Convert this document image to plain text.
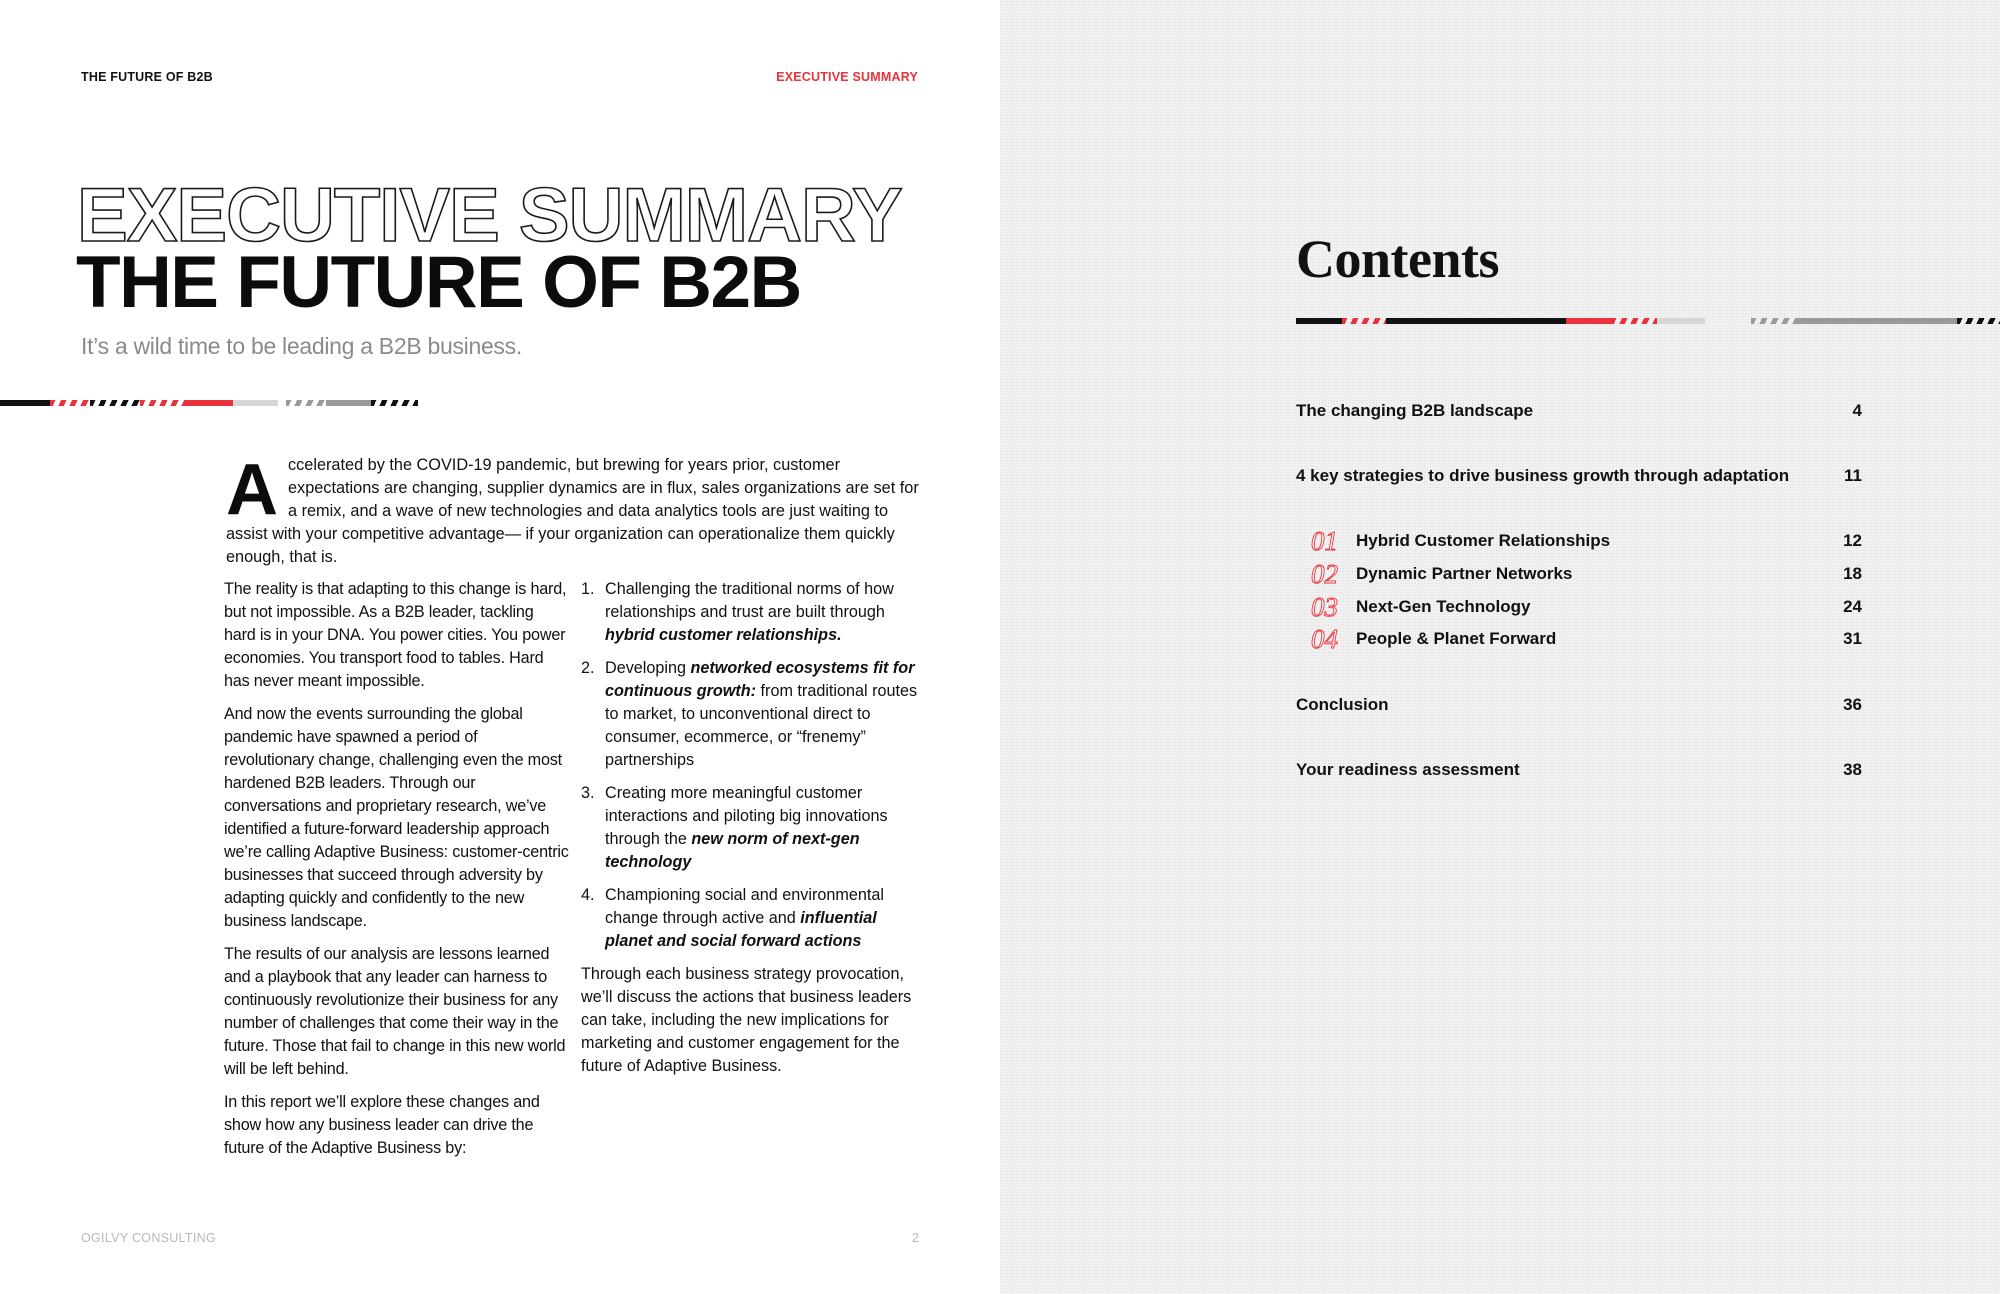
THE FUTURE OF B2B	EXECUTIVE SUMMARY
EXECUTIVE SUMMARY
THE FUTURE OF B2B
It’s a wild time to be leading a B2B business.
A ccelerated by the COVID-19 pandemic, but brewing for years prior, customer expectations are changing, supplier dynamics are in flux, sales organizations are set for a remix, and a wave of new technologies and data analytics tools are just waiting to assist with your competitive advantage— if your organization can operationalize them quickly enough, that is.

The reality is that adapting to this change is hard, but not impossible. As a B2B leader, tackling hard is in your DNA. You power cities. You power economies. You transport food to tables. Hard has never meant impossible.

And now the events surrounding the global pandemic have spawned a period of revolutionary change, challenging even the most hardened B2B leaders. Through our conversations and proprietary research, we’ve identified a future-forward leadership approach we’re calling Adaptive Business: customer-centric businesses that succeed through adversity by adapting quickly and confidently to the new business landscape.

The results of our analysis are lessons learned and a playbook that any leader can harness to continuously revolutionize their business for any number of challenges that come their way in the future. Those that fail to change in this new world will be left behind.

In this report we’ll explore these changes and show how any business leader can drive the future of the Adaptive Business by:

1. Challenging the traditional norms of how relationships and trust are built through hybrid customer relationships.
2. Developing networked ecosystems fit for continuous growth: from traditional routes to market, to unconventional direct to consumer, ecommerce, or “frenemy” partnerships
3. Creating more meaningful customer interactions and piloting big innovations through the new norm of next-gen technology
4. Championing social and environmental change through active and influential planet and social forward actions

Through each business strategy provocation, we’ll discuss the actions that business leaders can take, including the new implications for marketing and customer engagement for the future of Adaptive Business.

OGILVY CONSULTING	2
Contents
The changing B2B landscape	4
4 key strategies to drive business growth through adaptation	11
01	Hybrid Customer Relationships	12
02	Dynamic Partner Networks	18
03	Next-Gen Technology	24
04	People & Planet Forward	31
Conclusion	36
Your readiness assessment	38
